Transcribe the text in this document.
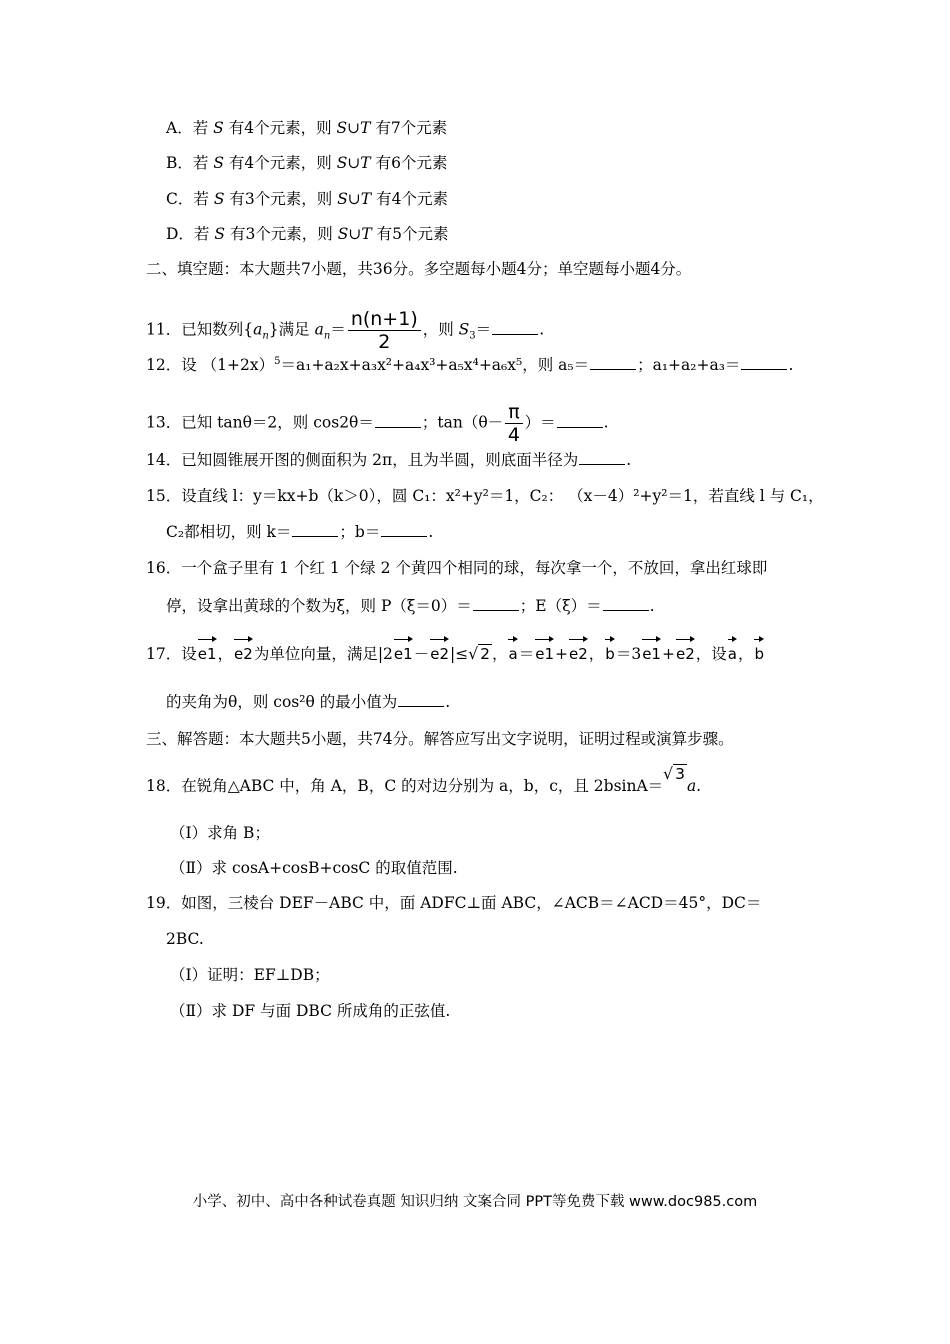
A．若 S 有4个元素，则 S∪T 有7个元素
B．若 S 有4个元素，则 S∪T 有6个元素
C．若 S 有3个元素，则 S∪T 有4个元素
D．若 S 有3个元素，则 S∪T 有5个元素
二、填空题：本大题共7小题，共36分。多空题每小题4分；单空题每小题4分。
11．已知数列$\{a_n\}$满足 $a_n= \frac{n(n+1)}{2}$ ，则 $S_3=$	.
12．设 $(1+2x)^5=a_1+a_2x+a_3x^2+a_4x^3+a_5x^4+a_6x^5$，则 a₅＝	；a₁+a₂+a₃＝	.
13．已知 tanθ＝2，则 cos2θ＝	；$\tan(\theta- \frac{\pi}{4}$ ）＝	.
14．已知圆锥展开图的侧面积为 2π，且为半圆，则底面半径为	.
15．设直线 l：y＝kx+b（k＞0），圆 C₁：x²+y²＝1，C₂： （x－4）²+y²＝1，若直线 l 与 C₁，
C₂都相切，则 k＝	；b＝	.
16．一个盒子里有 1 个红 1 个绿 2 个黄四个相同的球，每次拿一个，不放回，拿出红球即
停，设拿出黄球的个数为ξ，则 P（ξ＝0）＝	；E（ξ）＝	.
17．设e1，e2为单位向量，满足|2e1－e2|≤√ 2 ，a＝e1+e2，b＝3e1+e2，设a，b
的夹角为θ，则 cos²θ 的最小值为	.
三、解答题：本大题共5小题，共74分。解答应写出文字说明，证明过程或演算步骤。
18．在锐角△ABC 中，角 A，B，C 的对边分别为 a，b，c，且 2bsinA＝√ 3a.
（Ⅰ）求角 B；
（Ⅱ）求 cosA+cosB+cosC 的取值范围.
19．如图，三棱台 DEF－ABC 中，面 ADFC⊥面 ABC，∠ACB＝∠ACD＝45°，DC＝
2BC.
（Ⅰ）证明：EF⊥DB；
（Ⅱ）求 DF 与面 DBC 所成角的正弦值.
小学、初中、高中各种试卷真题 知识归纳 文案合同 PPT等免费下载 www.doc985.com
